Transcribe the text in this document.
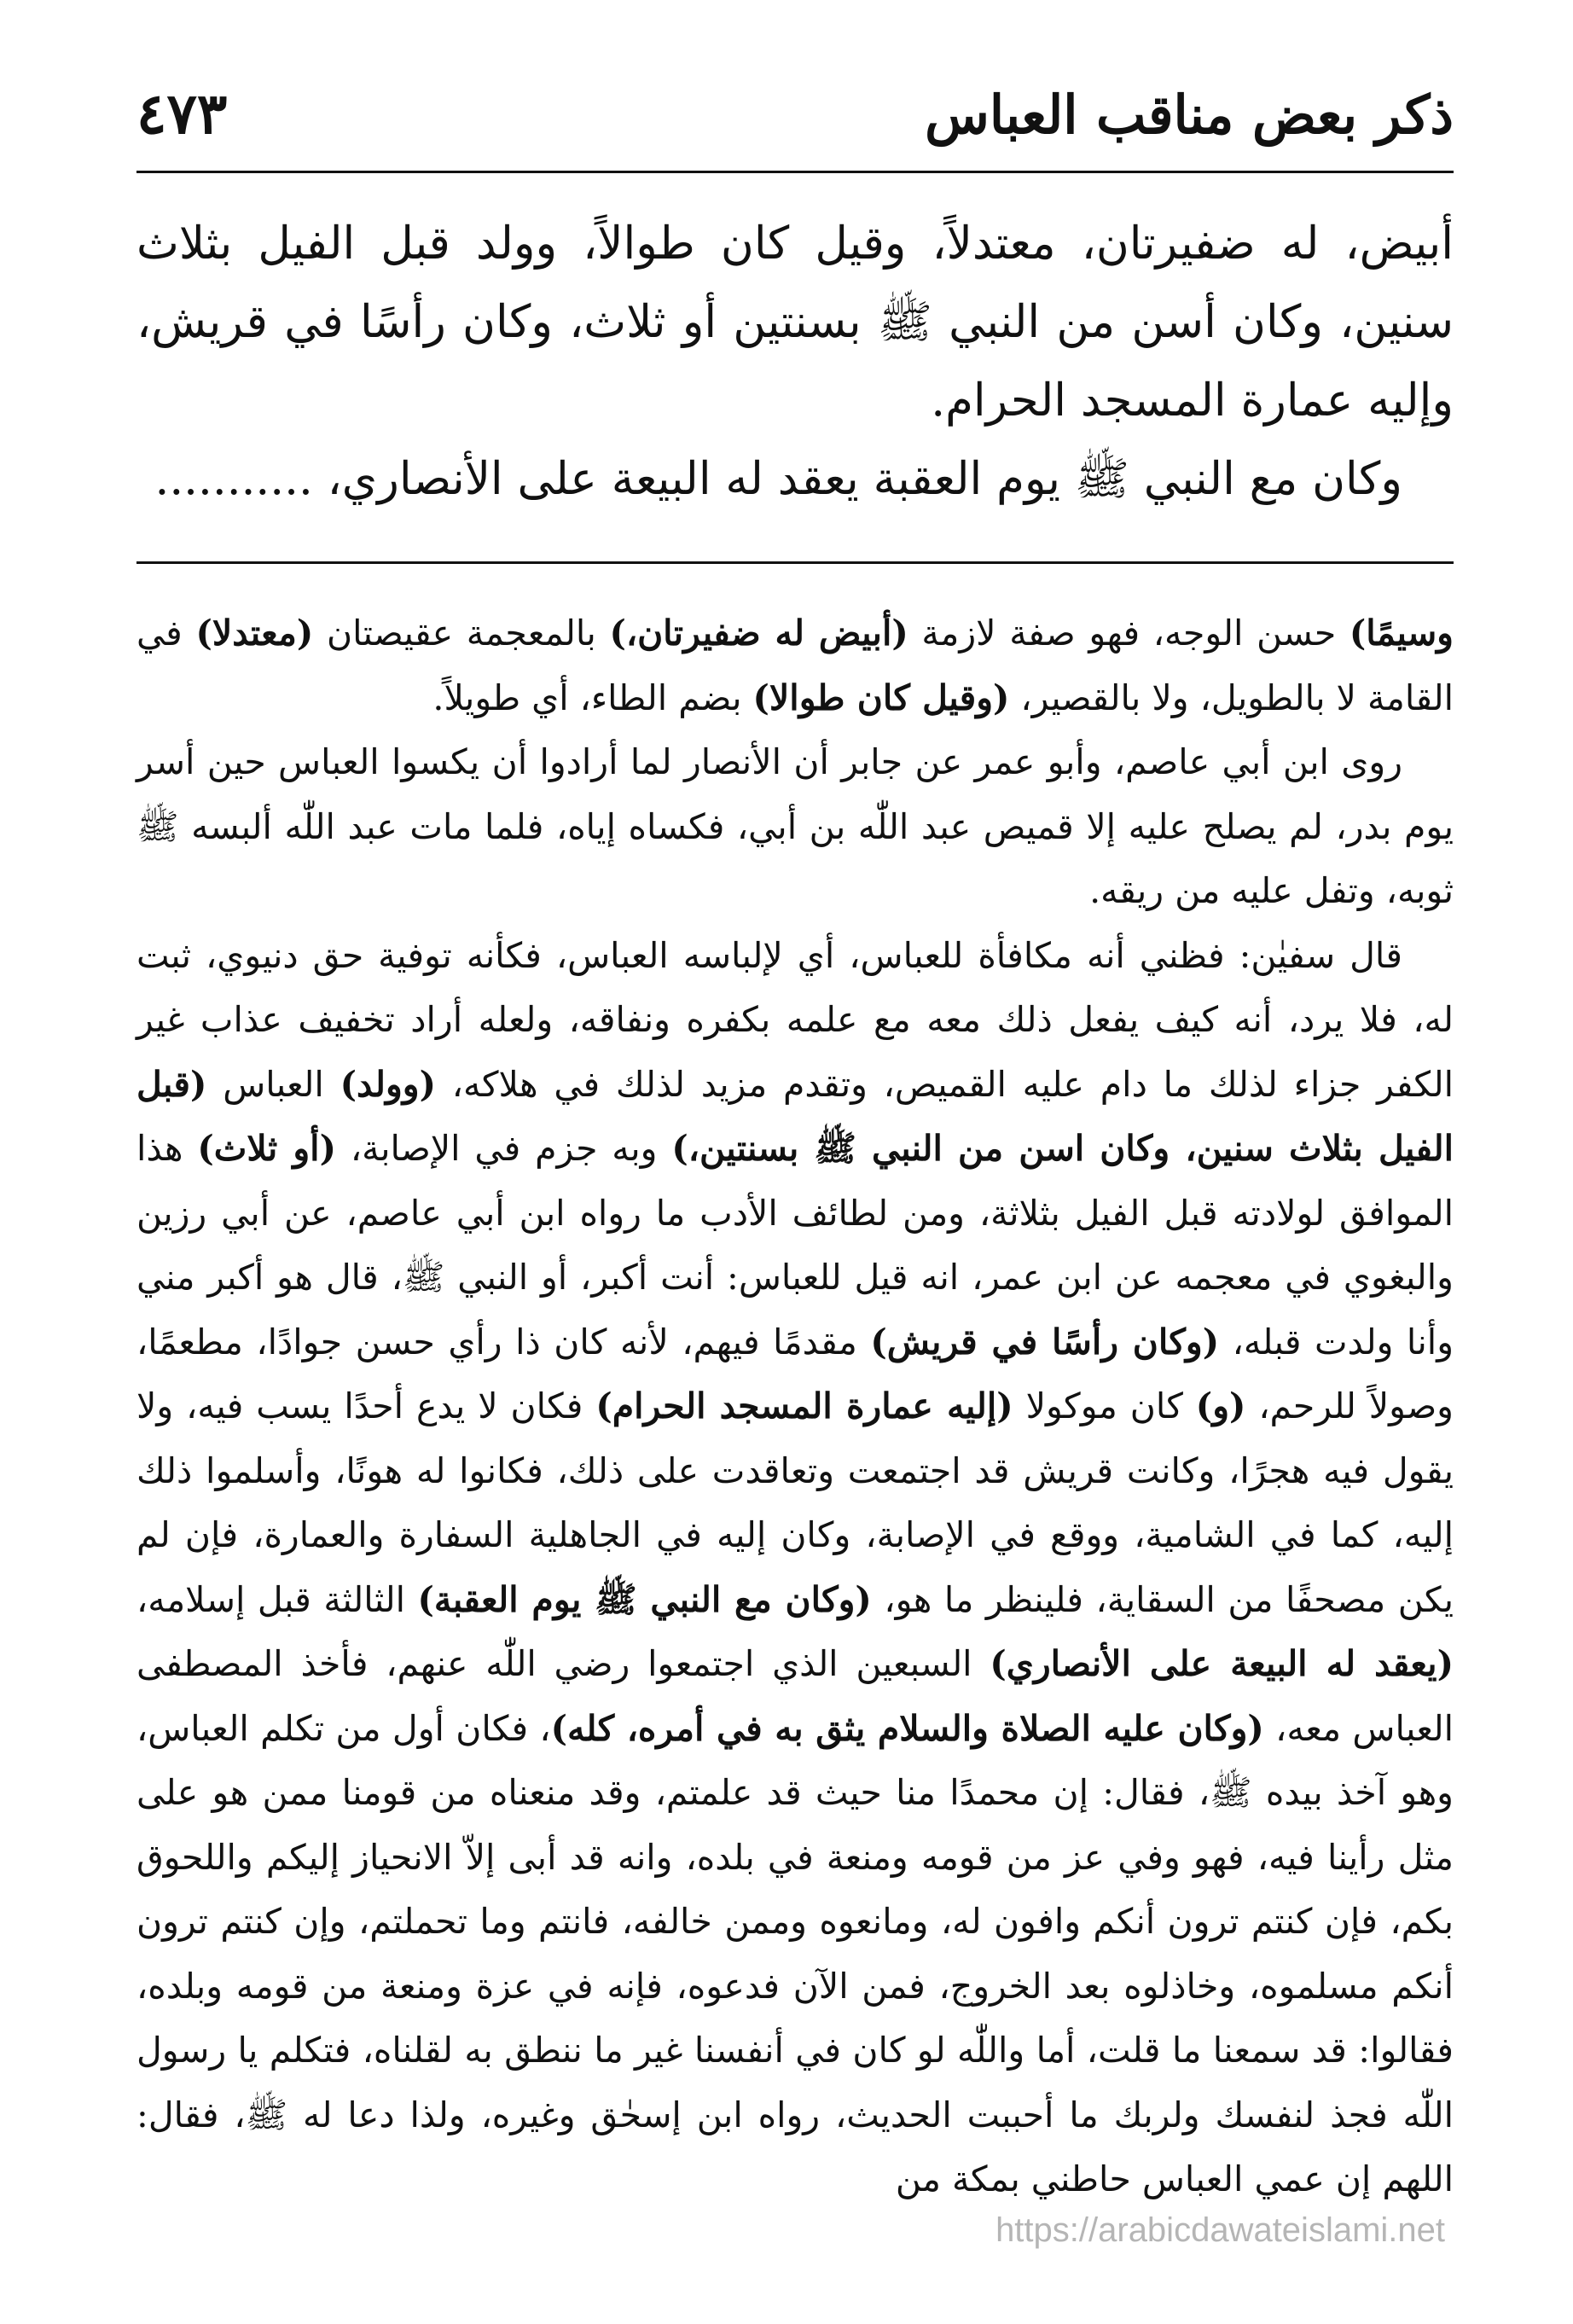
ذكر بعض مناقب العباس
٤٧٣

أبيض، له ضفيرتان، معتدلاً، وقيل كان طوالاً، وولد قبل الفيل بثلاث سنين، وكان أسن من النبي ﷺ بسنتين أو ثلاث، وكان رأسًا في قريش، وإليه عمارة المسجد الحرام.

وكان مع النبي ﷺ يوم العقبة يعقد له البيعة على الأنصاري، ...........

وسيمًا) حسن الوجه، فهو صفة لازمة (أبيض له ضفيرتان،) بالمعجمة عقيصتان (معتدلا) في القامة لا بالطويل، ولا بالقصير، (وقيل كان طوالا) بضم الطاء، أي طويلاً.

روى ابن أبي عاصم، وأبو عمر عن جابر أن الأنصار لما أرادوا أن يكسوا العباس حين أسر يوم بدر، لم يصلح عليه إلا قميص عبد اللّٰه بن أبي، فكساه إياه، فلما مات عبد اللّٰه ألبسه ﷺ ثوبه، وتفل عليه من ريقه.

قال سفيٰن: فظني أنه مكافأة للعباس، أي لإلباسه العباس، فكأنه توفية حق دنيوي، ثبت له، فلا يرد، أنه كيف يفعل ذلك معه مع علمه بكفره ونفاقه، ولعله أراد تخفيف عذاب غير الكفر جزاء لذلك ما دام عليه القميص، وتقدم مزيد لذلك في هلاكه، (وولد) العباس (قبل الفيل بثلاث سنين، وكان اسن من النبي ﷺ بسنتين،) وبه جزم في الإصابة، (أو ثلاث) هذا الموافق لولادته قبل الفيل بثلاثة، ومن لطائف الأدب ما رواه ابن أبي عاصم، عن أبي رزين والبغوي في معجمه عن ابن عمر، انه قيل للعباس: أنت أكبر، أو النبي ﷺ، قال هو أكبر مني وأنا ولدت قبله، (وكان رأسًا في قريش) مقدمًا فيهم، لأنه كان ذا رأي حسن جوادًا، مطعمًا، وصولاً للرحم، (و) كان موكولا (إليه عمارة المسجد الحرام) فكان لا يدع أحدًا يسب فيه، ولا يقول فيه هجرًا، وكانت قريش قد اجتمعت وتعاقدت على ذلك، فكانوا له هونًا، وأسلموا ذلك إليه، كما في الشامية، ووقع في الإصابة، وكان إليه في الجاهلية السفارة والعمارة، فإن لم يكن مصحفًا من السقاية، فلينظر ما هو، (وكان مع النبي ﷺ يوم العقبة) الثالثة قبل إسلامه، (يعقد له البيعة على الأنصاري) السبعين الذي اجتمعوا رضي اللّٰه عنهم، فأخذ المصطفى العباس معه، (وكان عليه الصلاة والسلام يثق به في أمره، كله)، فكان أول من تكلم العباس، وهو آخذ بيده ﷺ، فقال: إن محمدًا منا حيث قد علمتم، وقد منعناه من قومنا ممن هو على مثل رأينا فيه، فهو وفي عز من قومه ومنعة في بلده، وانه قد أبى إلاّ الانحياز إليكم واللحوق بكم، فإن كنتم ترون أنكم وافون له، ومانعوه وممن خالفه، فانتم وما تحملتم، وإن كنتم ترون أنكم مسلموه، وخاذلوه بعد الخروج، فمن الآن فدعوه، فإنه في عزة ومنعة من قومه وبلده، فقالوا: قد سمعنا ما قلت، أما واللّٰه لو كان في أنفسنا غير ما ننطق به لقلناه، فتكلم يا رسول اللّٰه فجذ لنفسك ولربك ما أحببت الحديث، رواه ابن إسحٰق وغيره، ولذا دعا له ﷺ، فقال: اللهم إن عمي العباس حاطني بمكة من

https://arabicdawateislami.net
